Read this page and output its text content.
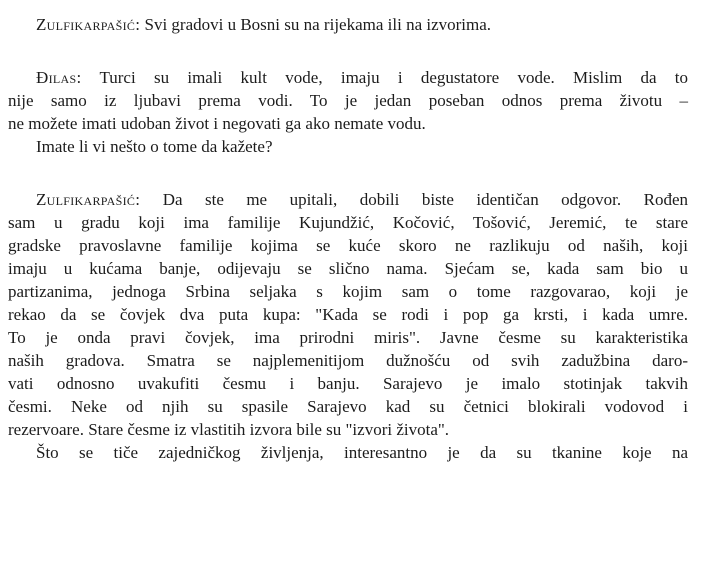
Zulfikarpašić: Svi gradovi u Bosni su na rijekama ili na izvorima.
Đilas: Turci su imali kult vode, imaju i degustatore vode. Mislim da to
nije samo iz ljubavi prema vodi. To je jedan poseban odnos prema životu –
ne možete imati udoban život i negovati ga ako nemate vodu.
Imate li vi nešto o tome da kažete?
Zulfikarpašić: Da ste me upitali, dobili biste identičan odgovor. Rođen
sam u gradu koji ima familije Kujundžić, Kočović, Tošović, Jeremić, te stare
gradske pravoslavne familije kojima se kuće skoro ne razlikuju od naših, koji
imaju u kućama banje, odijevaju se slično nama. Sjećam se, kada sam bio u
partizanima, jednoga Srbina seljaka s kojim sam o tome razgovarao, koji je
rekao da se čovjek dva puta kupa: "Kada se rodi i pop ga krsti, i kada umre.
To je onda pravi čovjek, ima prirodni miris". Javne česme su karakteristika
naših gradova. Smatra se najplemenitijom dužnošću od svih zadužbina daro-
vati odnosno uvakufiti česmu i banju. Sarajevo je imalo stotinjak takvih
česmi. Neke od njih su spasile Sarajevo kad su četnici blokirali vodovod i
rezervoare. Stare česme iz vlastitih izvora bile su "izvori života".
Što se tiče zajedničkog življenja, interesantno je da su tkanine koje na
